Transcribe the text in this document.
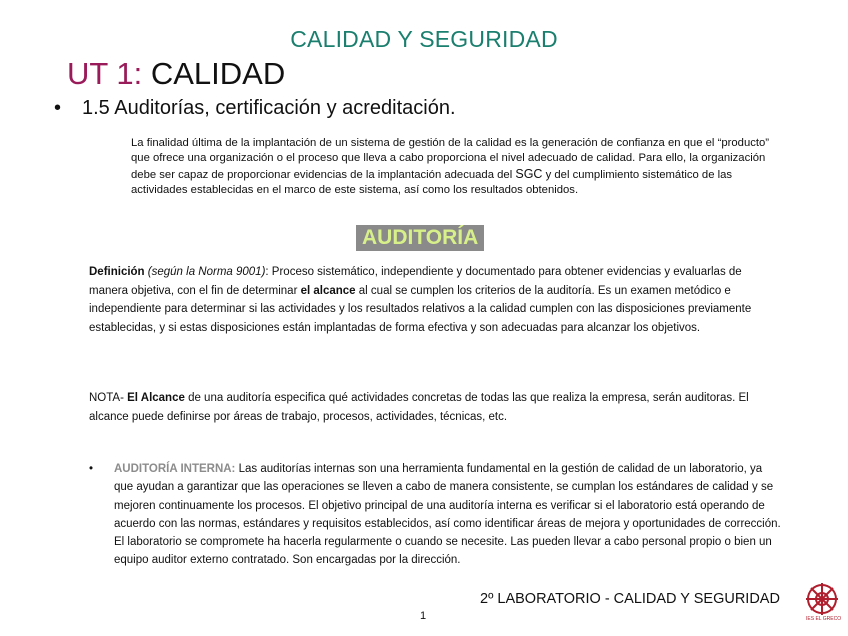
CALIDAD Y SEGURIDAD
UT 1: CALIDAD
• 1.5 Auditorías, certificación y acreditación.
La finalidad última de la implantación de un sistema de gestión de la calidad es la generación de confianza en que el “producto” que ofrece una organización o el proceso que lleva a cabo proporciona el nivel adecuado de calidad. Para ello, la organización debe ser capaz de proporcionar evidencias de la implantación adecuada del SGC y del cumplimiento sistemático de las actividades establecidas en el marco de este sistema, así como los resultados obtenidos.
AUDITORÍA
Definición (según la Norma 9001): Proceso sistemático, independiente y documentado para obtener evidencias y evaluarlas de manera objetiva, con el fin de determinar el alcance al cual se cumplen los criterios de la auditoría. Es un examen metódico e independiente para determinar si las actividades y los resultados relativos a la calidad cumplen con las disposiciones previamente establecidas, y si estas disposiciones están implantadas de forma efectiva y son adecuadas para alcanzar los objetivos.
NOTA- El Alcance de una auditoría especifica qué actividades concretas de todas las que realiza la empresa, serán auditoras. El alcance puede definirse por áreas de trabajo, procesos, actividades, técnicas, etc.
• AUDITORÍA INTERNA: Las auditorías internas son una herramienta fundamental en la gestión de calidad de un laboratorio, ya que ayudan a garantizar que las operaciones se lleven a cabo de manera consistente, se cumplan los estándares de calidad y se mejoren continuamente los procesos. El objetivo principal de una auditoría interna es verificar si el laboratorio está operando de acuerdo con las normas, estándares y requisitos establecidos, así como identificar áreas de mejora y oportunidades de corrección. El laboratorio se compromete ha hacerla regularmente o cuando se necesite. Las pueden llevar a cabo personal propio o bien un equipo auditor externo contratado. Son encargadas por la dirección.
2º LABORATORIO - CALIDAD Y SEGURIDAD
IES EL GRECO
1
